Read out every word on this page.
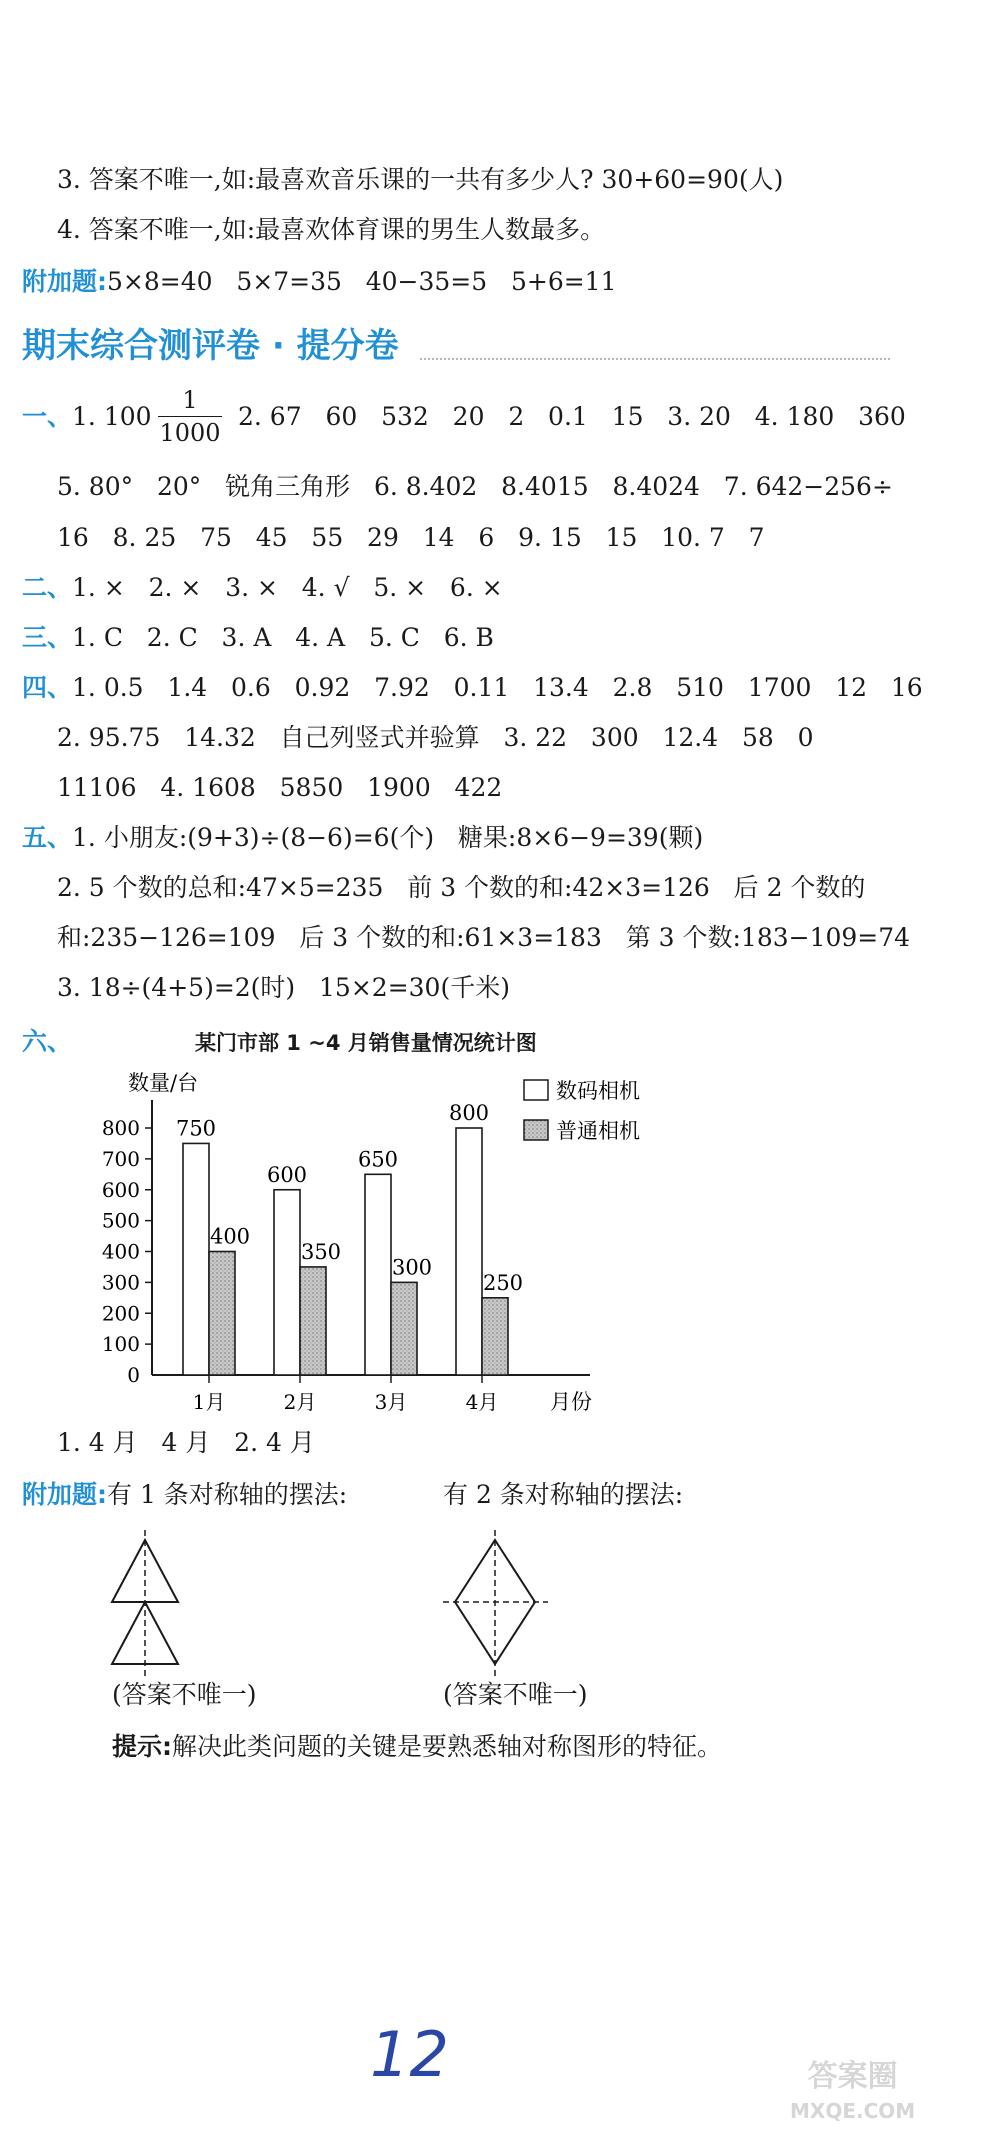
3. 答案不唯一,如:最喜欢音乐课的一共有多少人? 30+60=90(人)
4. 答案不唯一,如:最喜欢体育课的男生人数最多。
附加题:5×8=40   5×7=35   40−35=5   5+6=11
期末综合测评卷 · 提分卷
一、1. 100
1
1000
2. 67   60   532   20   2   0.1   15   3. 20   4. 180   360
5. 80°   20°   锐角三角形   6. 8.402   8.4015   8.4024   7. 642−256÷
16   8. 25   75   45   55   29   14   6   9. 15   15   10. 7   7
二、1. ×   2. ×   3. ×   4. √   5. ×   6. ×
三、1. C   2. C   3. A   4. A   5. C   6. B
四、1. 0.5   1.4   0.6   0.92   7.92   0.11   13.4   2.8   510   1700   12   16
2. 95.75   14.32   自己列竖式并验算   3. 22   300   12.4   58   0
11106   4. 1608   5850   1900   422
五、1. 小朋友:(9+3)÷(8−6)=6(个)   糖果:8×6−9=39(颗)
2. 5 个数的总和:47×5=235   前 3 个数的和:42×3=126   后 2 个数的
和:235−126=109   后 3 个数的和:61×3=183   第 3 个数:183−109=74
3. 18÷(4+5)=2(时)   15×2=30(千米)
六、	某门市部 1 ~4 月销售量情况统计图
数量/台
月份
0
100
200
300
400
500
600
700
800 750
400
1月
600
350
2月
650
300
3月
800
250
4月
数码相机
普通相机
1. 4 月   4 月   2. 4 月
附加题:有 1 条对称轴的摆法:	有 2 条对称轴的摆法:
(答案不唯一)	(答案不唯一)
提示:解决此类问题的关键是要熟悉轴对称图形的特征。
12	答案圈
MXQE.COM
